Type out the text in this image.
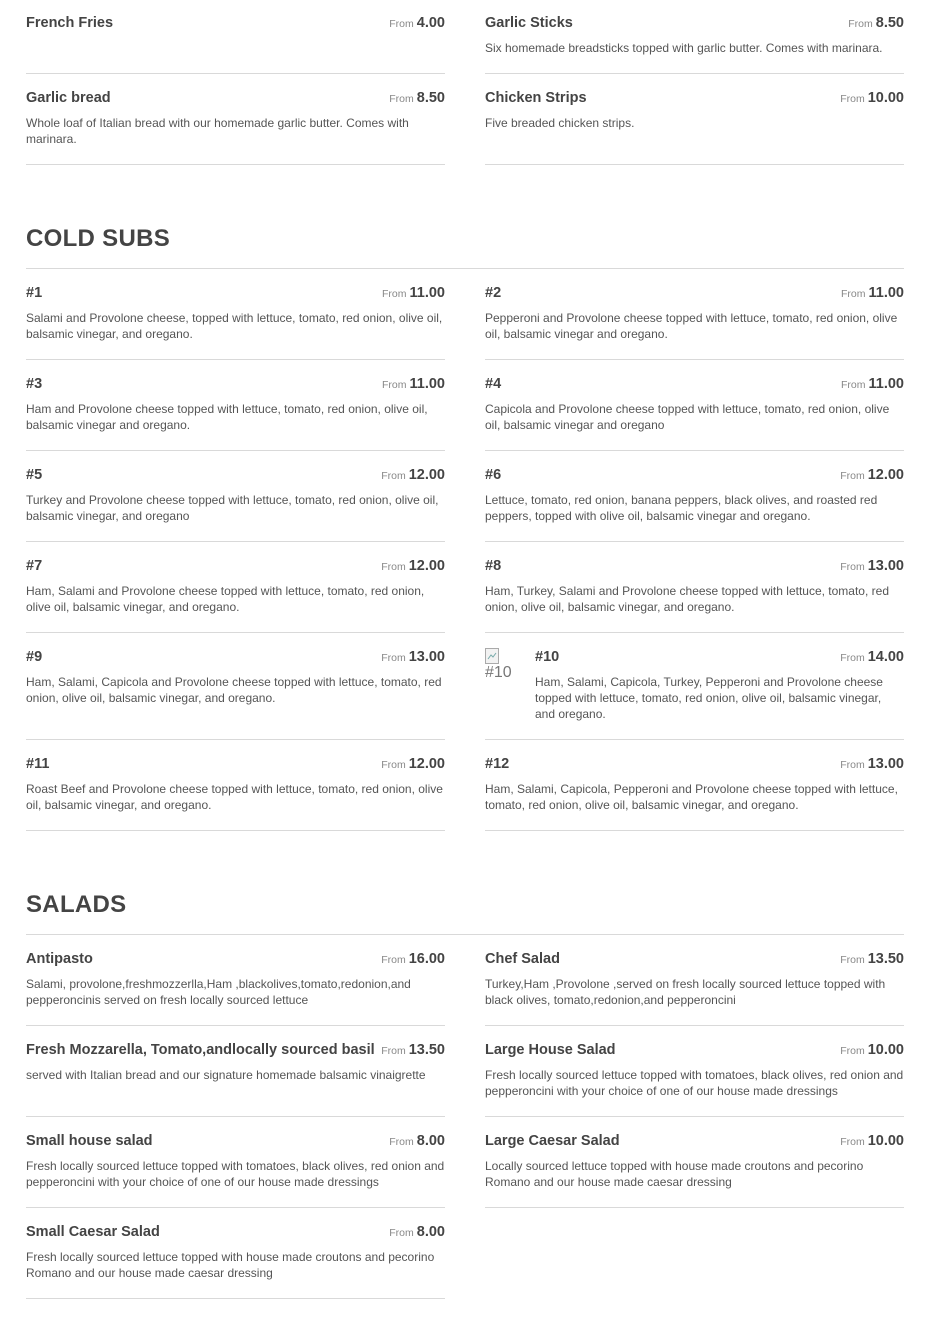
French Fries	From 4.00	Garlic Sticks	From 8.50
Six homemade breadsticks topped with garlic butter. Comes with marinara.
Garlic bread	From 8.50
Whole loaf of Italian bread with our homemade garlic butter. Comes with marinara.
Chicken Strips	From 10.00
Five breaded chicken strips.
COLD SUBS
#1	From 11.00
Salami and Provolone cheese, topped with lettuce, tomato, red onion, olive oil, balsamic vinegar, and oregano.
#2	From 11.00
Pepperoni and Provolone cheese topped with lettuce, tomato, red onion, olive oil, balsamic vinegar and oregano.
#3	From 11.00
Ham and Provolone cheese topped with lettuce, tomato, red onion, olive oil, balsamic vinegar and oregano.
#4	From 11.00
Capicola and Provolone cheese topped with lettuce, tomato, red onion, olive oil, balsamic vinegar and oregano
#5	From 12.00
Turkey and Provolone cheese topped with lettuce, tomato, red onion, olive oil, balsamic vinegar, and oregano
#6	From 12.00
Lettuce, tomato, red onion, banana peppers, black olives, and roasted red peppers, topped with olive oil, balsamic vinegar and oregano.
#7	From 12.00
Ham, Salami and Provolone cheese topped with lettuce, tomato, red onion, olive oil, balsamic vinegar, and oregano.
#8	From 13.00
Ham, Turkey, Salami and Provolone cheese topped with lettuce, tomato, red onion, olive oil, balsamic vinegar, and oregano.
#9	From 13.00
Ham, Salami, Capicola and Provolone cheese topped with lettuce, tomato, red onion, olive oil, balsamic vinegar, and oregano.
#10
#10	From 14.00
Ham, Salami, Capicola, Turkey, Pepperoni and Provolone cheese topped with lettuce, tomato, red onion, olive oil, balsamic vinegar, and oregano.
#11	From 12.00
Roast Beef and Provolone cheese topped with lettuce, tomato, red onion, olive oil, balsamic vinegar, and oregano.
#12	From 13.00
Ham, Salami, Capicola, Pepperoni and Provolone cheese topped with lettuce, tomato, red onion, olive oil, balsamic vinegar, and oregano.
SALADS
Antipasto	From 16.00
Salami, provolone,freshmozzerlla,Ham ,blackolives,tomato,redonion,and pepperoncinis served on fresh locally sourced lettuce
Chef Salad	From 13.50
Turkey,Ham ,Provolone ,served on fresh locally sourced lettuce topped with black olives, tomato,redonion,and pepperoncini
Fresh Mozzarella, Tomato,andlocally sourced basil From 13.50
served with Italian bread and our signature homemade balsamic vinaigrette
Large House Salad	From 10.00
Fresh locally sourced lettuce topped with tomatoes, black olives, red onion and pepperoncini with your choice of one of our house made dressings
Small house salad	From 8.00
Fresh locally sourced lettuce topped with tomatoes, black olives, red onion and pepperoncini with your choice of one of our house made dressings
Large Caesar Salad	From 10.00
Locally sourced lettuce topped with house made croutons and pecorino Romano and our house made caesar dressing
Small Caesar Salad	From 8.00
Fresh locally sourced lettuce topped with house made croutons and pecorino Romano and our house made caesar dressing
